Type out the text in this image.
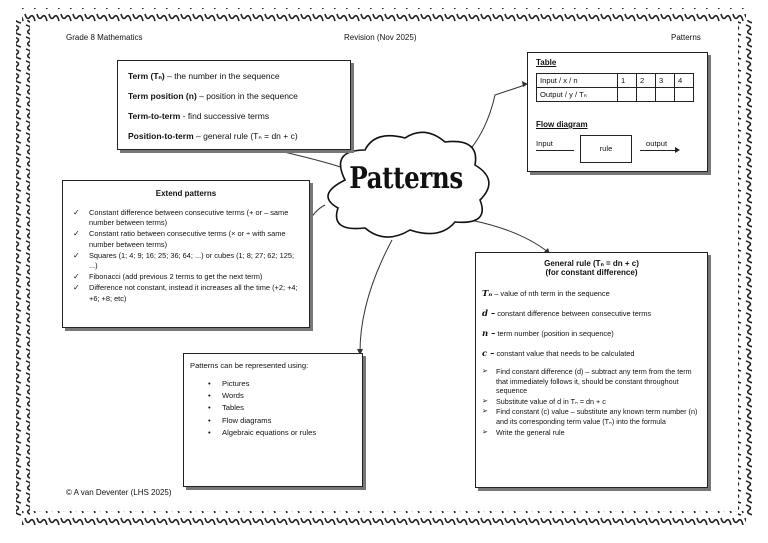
Grade 8 Mathematics	Revision (Nov 2025)	Patterns
Patterns
Term (Tₙ) – the number in the sequence
Term position (n) – position in the sequence
Term-to-term - find successive terms
Position-to-term – general rule (Tₙ = dn + c)
Extend patterns
✓ Constant difference between consecutive terms (+ or – same number between terms)
✓ Constant ratio between consecutive terms (× or ÷ with same number between terms)
✓ Squares (1; 4; 9; 16; 25; 36; 64; ...) or cubes (1; 8; 27; 62; 125; ...)
✓ Fibonacci (add previous 2 terms to get the next term)
✓ Difference not constant, instead it increases all the time (+2; +4; +6; +8; etc)
Patterns can be represented using:
• Pictures
• Words
• Tables
• Flow diagrams
• Algebraic equations or rules
Table
Input / x / n	1	2	3	4
Output / y / Tₙ				
Flow diagram
Input
rule
output
General rule (Tₙ = dn + c)
(for constant difference)
Tₙ – value of nth term in the sequence
d – constant difference between consecutive terms
n – term number (position in sequence)
c – constant value that needs to be calculated
➢ Find constant difference (d) – subtract any term from the term that immediately follows it, should be constant throughout sequence
➢ Substitute value of d in Tₙ = dn + c
➢ Find constant (c) value – substitute any known term number (n) and its corresponding term value (Tₙ) into the formula
➢ Write the general rule
© A van Deventer (LHS 2025)
